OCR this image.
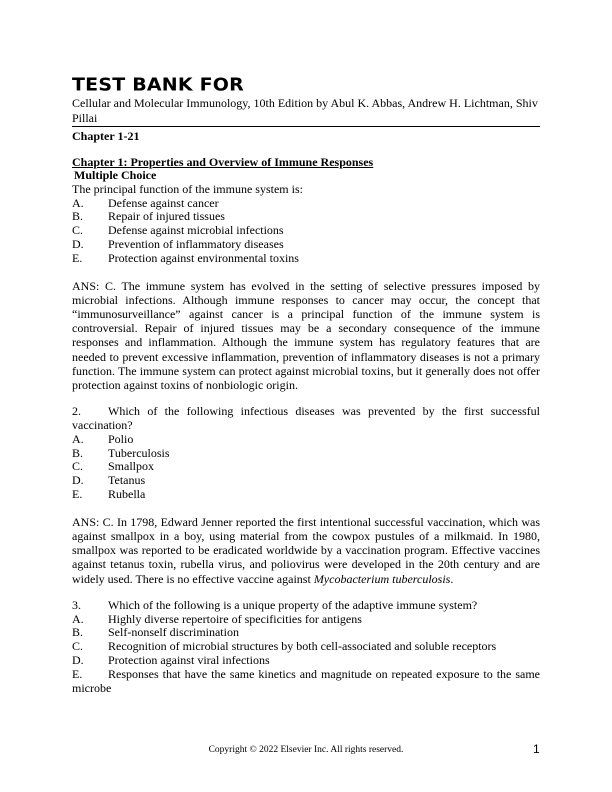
TEST BANK FOR

Cellular and Molecular Immunology, 10th Edition by Abul K. Abbas, Andrew H. Lichtman, Shiv Pillai

Chapter 1-21

Chapter 1: Properties and Overview of Immune Responses

Multiple Choice

The principal function of the immune system is:

A.	Defense against cancer
B.	Repair of injured tissues
C.	Defense against microbial infections
D.	Prevention of inflammatory diseases
E.	Protection against environmental toxins

ANS: C. The immune system has evolved in the setting of selective pressures imposed by microbial infections. Although immune responses to cancer may occur, the concept that “immunosurveillance” against cancer is a principal function of the immune system is controversial. Repair of injured tissues may be a secondary consequence of the immune responses and inflammation. Although the immune system has regulatory features that are needed to prevent excessive inflammation, prevention of inflammatory diseases is not a primary function. The immune system can protect against microbial toxins, but it generally does not offer protection against toxins of nonbiologic origin.

2. Which of the following infectious diseases was prevented by the first successful vaccination?

A.	Polio
B.	Tuberculosis
C.	Smallpox
D.	Tetanus
E.	Rubella

ANS: C. In 1798, Edward Jenner reported the first intentional successful vaccination, which was against smallpox in a boy, using material from the cowpox pustules of a milkmaid. In 1980, smallpox was reported to be eradicated worldwide by a vaccination program. Effective vaccines against tetanus toxin, rubella virus, and poliovirus were developed in the 20th century and are widely used. There is no effective vaccine against Mycobacterium tuberculosis.

3. Which of the following is a unique property of the adaptive immune system?

A.	Highly diverse repertoire of specificities for antigens
B.	Self-nonself discrimination
C.	Recognition of microbial structures by both cell-associated and soluble receptors
D.	Protection against viral infections
E. Responses that have the same kinetics and magnitude on repeated exposure to the same microbe
Copyright © 2022 Elsevier Inc. All rights reserved.	1
